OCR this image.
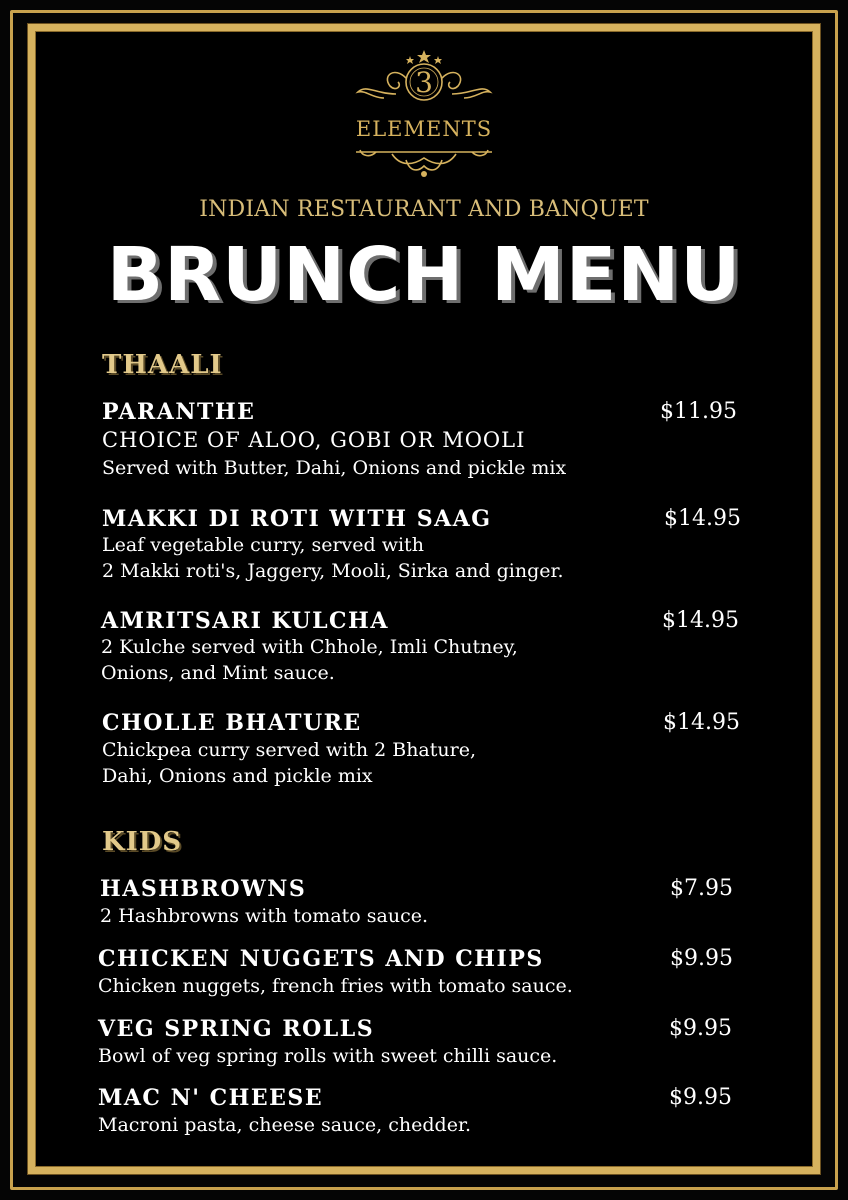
3
ELEMENTS
INDIAN RESTAURANT AND BANQUET
BRUNCH MENU
THAALI
PARANTHE	$11.95
CHOICE OF ALOO, GOBI OR MOOLI
Served with Butter, Dahi, Onions and pickle mix
MAKKI DI ROTI WITH SAAG	$14.95
Leaf vegetable curry, served with
2 Makki roti's, Jaggery, Mooli, Sirka and ginger.
AMRITSARI KULCHA	$14.95
2 Kulche served with Chhole, Imli Chutney,
Onions, and Mint sauce.
CHOLLE BHATURE	$14.95
Chickpea curry served with 2 Bhature,
Dahi, Onions and pickle mix
KIDS
HASHBROWNS	$7.95
2 Hashbrowns with tomato sauce.
CHICKEN NUGGETS AND CHIPS	$9.95
Chicken nuggets, french fries with tomato sauce.
VEG SPRING ROLLS	$9.95
Bowl of veg spring rolls with sweet chilli sauce.
MAC N' CHEESE	$9.95
Macroni pasta, cheese sauce, chedder.
